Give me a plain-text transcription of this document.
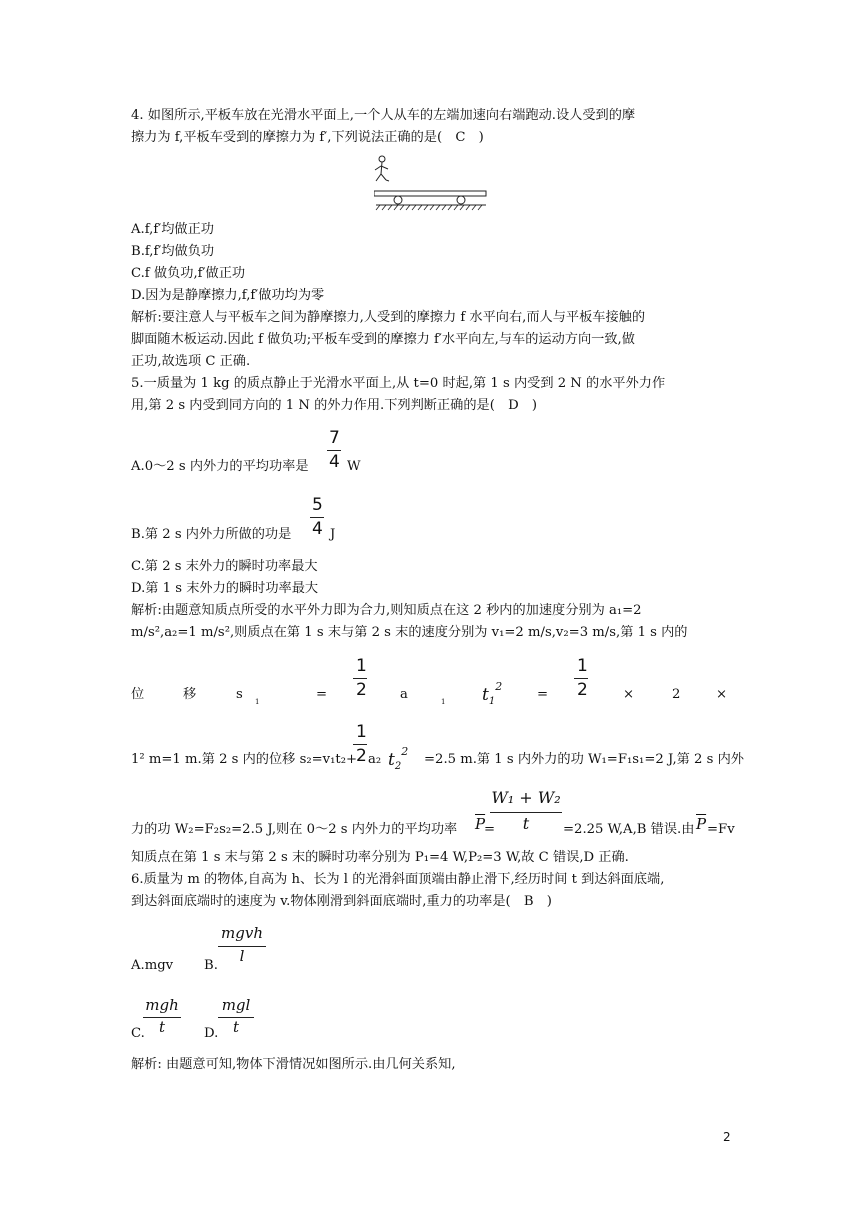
4. 如图所示,平板车放在光滑水平面上,一个人从车的左端加速向右端跑动.设人受到的摩
擦力为 f,平板车受到的摩擦力为 f′,下列说法正确的是(　C　)
A.f,f′均做正功
B.f,f′均做负功
C.f 做负功,f′做正功
D.因为是静摩擦力,f,f′做功均为零
解析:要注意人与平板车之间为静摩擦力,人受到的摩擦力 f 水平向右,而人与平板车接触的
脚面随木板运动.因此 f 做负功;平板车受到的摩擦力 f′水平向左,与车的运动方向一致,做
正功,故选项 C 正确.
5.一质量为 1 kg 的质点静止于光滑水平面上,从 t=0 时起,第 1 s 内受到 2 N 的水平外力作
用,第 2 s 内受到同方向的 1 N 的外力作用.下列判断正确的是(　D　)
7
A.0～2 s 内外力的平均功率是 4 W
5
B.第 2 s 内外力所做的功是 4 J
C.第 2 s 末外力的瞬时功率最大
D.第 1 s 末外力的瞬时功率最大
解析:由题意知质点所受的水平外力即为合力,则知质点在这 2 秒内的加速度分别为 a₁=2
m/s²,a₂=1 m/s²,则质点在第 1 s 末与第 2 s 末的速度分别为 v₁=2 m/s,v₂=3 m/s,第 1 s 内的
位	移	s 1	=
1
2	a	1 $t_1^2$
=
1
2	×	2	×
1
1² m=1 m.第 2 s 内的位移 s₂=v₁t₂+
2 a₂ $t_2^2$
=2.5 m.第 1 s 内外力的功 W₁=F₁s₁=2 J,第 2 s 内外
W₁ + W₂
力的功 W₂=F₂s₂=2.5 J,则在 0～2 s 内外力的平均功率 $\overline{P}$
=	t	=2.25 W,A,B 错误.由 $\overline{P} =Fv$
知质点在第 1 s 末与第 2 s 末的瞬时功率分别为 P₁=4 W,P₂=3 W,故 C 错误,D 正确.
6.质量为 m 的物体,自高为 h、长为 l 的光滑斜面顶端由静止滑下,经历时间 t 到达斜面底端,
到达斜面底端时的速度为 v.物体刚滑到斜面底端时,重力的功率是(　B　)
mgvh
l
A.mgv B.
mgh
t
mgl
t
C.	D.
解析: 由题意可知,物体下滑情况如图所示.由几何关系知,
2
